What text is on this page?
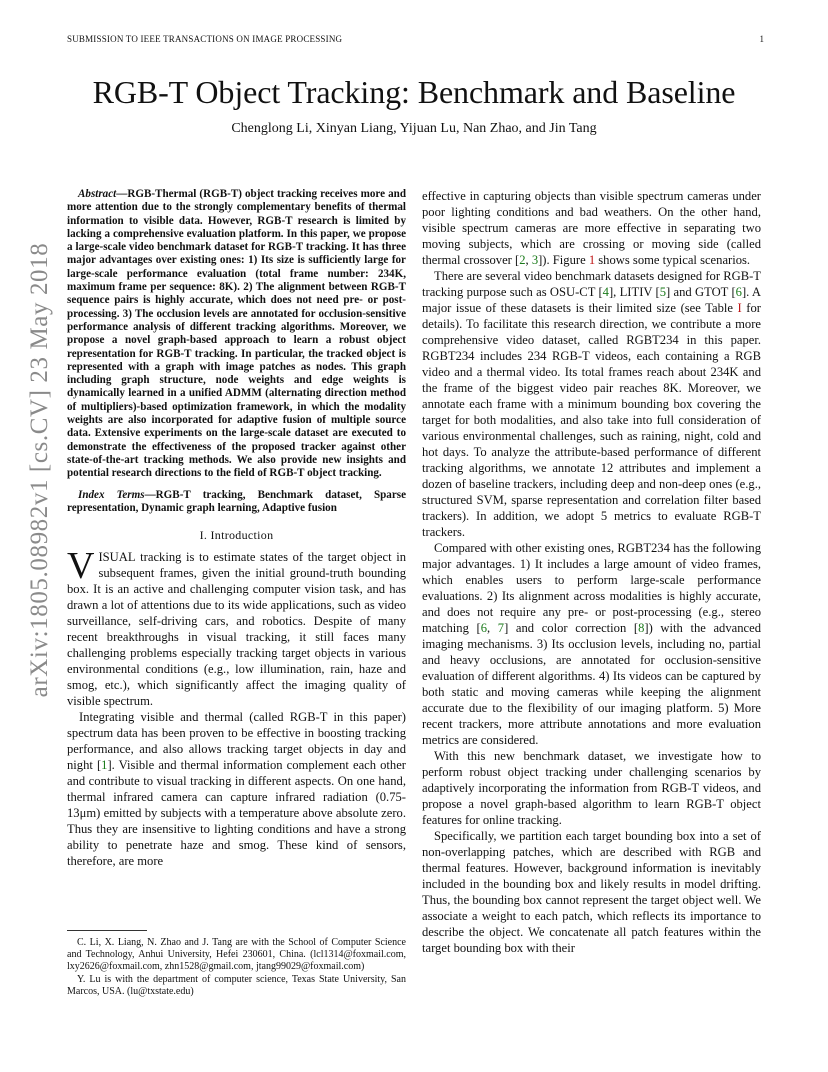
SUBMISSION TO IEEE TRANSACTIONS ON IMAGE PROCESSING	1
arXiv:1805.08982v1 [cs.CV] 23 May 2018
RGB-T Object Tracking: Benchmark and Baseline
Chenglong Li, Xinyan Liang, Yijuan Lu, Nan Zhao, and Jin Tang

Abstract—RGB-Thermal (RGB-T) object tracking receives more and more attention due to the strongly complementary benefits of thermal information to visible data. However, RGB-T research is limited by lacking a comprehensive evaluation platform. In this paper, we propose a large-scale video benchmark dataset for RGB-T tracking. It has three major advantages over existing ones: 1) Its size is sufficiently large for large-scale performance evaluation (total frame number: 234K, maximum frame per sequence: 8K). 2) The alignment between RGB-T sequence pairs is highly accurate, which does not need pre- or post-processing. 3) The occlusion levels are annotated for occlusion-sensitive performance analysis of different tracking algorithms. Moreover, we propose a novel graph-based approach to learn a robust object representation for RGB-T tracking. In particular, the tracked object is represented with a graph with image patches as nodes. This graph including graph structure, node weights and edge weights is dynamically learned in a unified ADMM (alternating direction method of multipliers)-based optimization framework, in which the modality weights are also incorporated for adaptive fusion of multiple source data. Extensive experiments on the large-scale dataset are executed to demonstrate the effectiveness of the proposed tracker against other state-of-the-art tracking methods. We also provide new insights and potential research directions to the field of RGB-T object tracking.

Index Terms—RGB-T tracking, Benchmark dataset, Sparse representation, Dynamic graph learning, Adaptive fusion

I. Introduction

VISUAL tracking is to estimate states of the target object in subsequent frames, given the initial ground-truth bounding box. It is an active and challenging computer vision task, and has drawn a lot of attentions due to its wide applications, such as video surveillance, self-driving cars, and robotics. Despite of many recent breakthroughs in visual tracking, it still faces many challenging problems especially tracking target objects in various environmental conditions (e.g., low illumination, rain, haze and smog, etc.), which significantly affect the imaging quality of visible spectrum.

Integrating visible and thermal (called RGB-T in this paper) spectrum data has been proven to be effective in boosting tracking performance, and also allows tracking target objects in day and night [1]. Visible and thermal information complement each other and contribute to visual tracking in different aspects. On one hand, thermal infrared camera can capture infrared radiation (0.75-13μm) emitted by subjects with a temperature above absolute zero. Thus they are insensitive to lighting conditions and have a strong ability to penetrate haze and smog. These kind of sensors, therefore, are more

C. Li, X. Liang, N. Zhao and J. Tang are with the School of Computer Science and Technology, Anhui University, Hefei 230601, China. (lcl1314@foxmail.com, lxy2626@foxmail.com, zhn1528@gmail.com, jtang99029@foxmail.com)

Y. Lu is with the department of computer science, Texas State University, San Marcos, USA. (lu@txstate.edu)

effective in capturing objects than visible spectrum cameras under poor lighting conditions and bad weathers. On the other hand, visible spectrum cameras are more effective in separating two moving subjects, which are crossing or moving side (called thermal crossover [2, 3]). Figure 1 shows some typical scenarios.

There are several video benchmark datasets designed for RGB-T tracking purpose such as OSU-CT [4], LITIV [5] and GTOT [6]. A major issue of these datasets is their limited size (see Table I for details). To facilitate this research direction, we contribute a more comprehensive video dataset, called RGBT234 in this paper. RGBT234 includes 234 RGB-T videos, each containing a RGB video and a thermal video. Its total frames reach about 234K and the frame of the biggest video pair reaches 8K. Moreover, we annotate each frame with a minimum bounding box covering the target for both modalities, and also take into full consideration of various environmental challenges, such as raining, night, cold and hot days. To analyze the attribute-based performance of different tracking algorithms, we annotate 12 attributes and implement a dozen of baseline trackers, including deep and non-deep ones (e.g., structured SVM, sparse representation and correlation filter based trackers). In addition, we adopt 5 metrics to evaluate RGB-T trackers.

Compared with other existing ones, RGBT234 has the following major advantages. 1) It includes a large amount of video frames, which enables users to perform large-scale performance evaluations. 2) Its alignment across modalities is highly accurate, and does not require any pre- or post-processing (e.g., stereo matching [6, 7] and color correction [8]) with the advanced imaging mechanisms. 3) Its occlusion levels, including no, partial and heavy occlusions, are annotated for occlusion-sensitive evaluation of different algorithms. 4) Its videos can be captured by both static and moving cameras while keeping the alignment accurate due to the flexibility of our imaging platform. 5) More recent trackers, more attribute annotations and more evaluation metrics are considered.

With this new benchmark dataset, we investigate how to perform robust object tracking under challenging scenarios by adaptively incorporating the information from RGB-T videos, and propose a novel graph-based algorithm to learn RGB-T object features for online tracking.

Specifically, we partition each target bounding box into a set of non-overlapping patches, which are described with RGB and thermal features. However, background information is inevitably included in the bounding box and likely results in model drifting. Thus, the bounding box cannot represent the target object well. We associate a weight to each patch, which reflects its importance to describe the object. We concatenate all patch features within the target bounding box with their
